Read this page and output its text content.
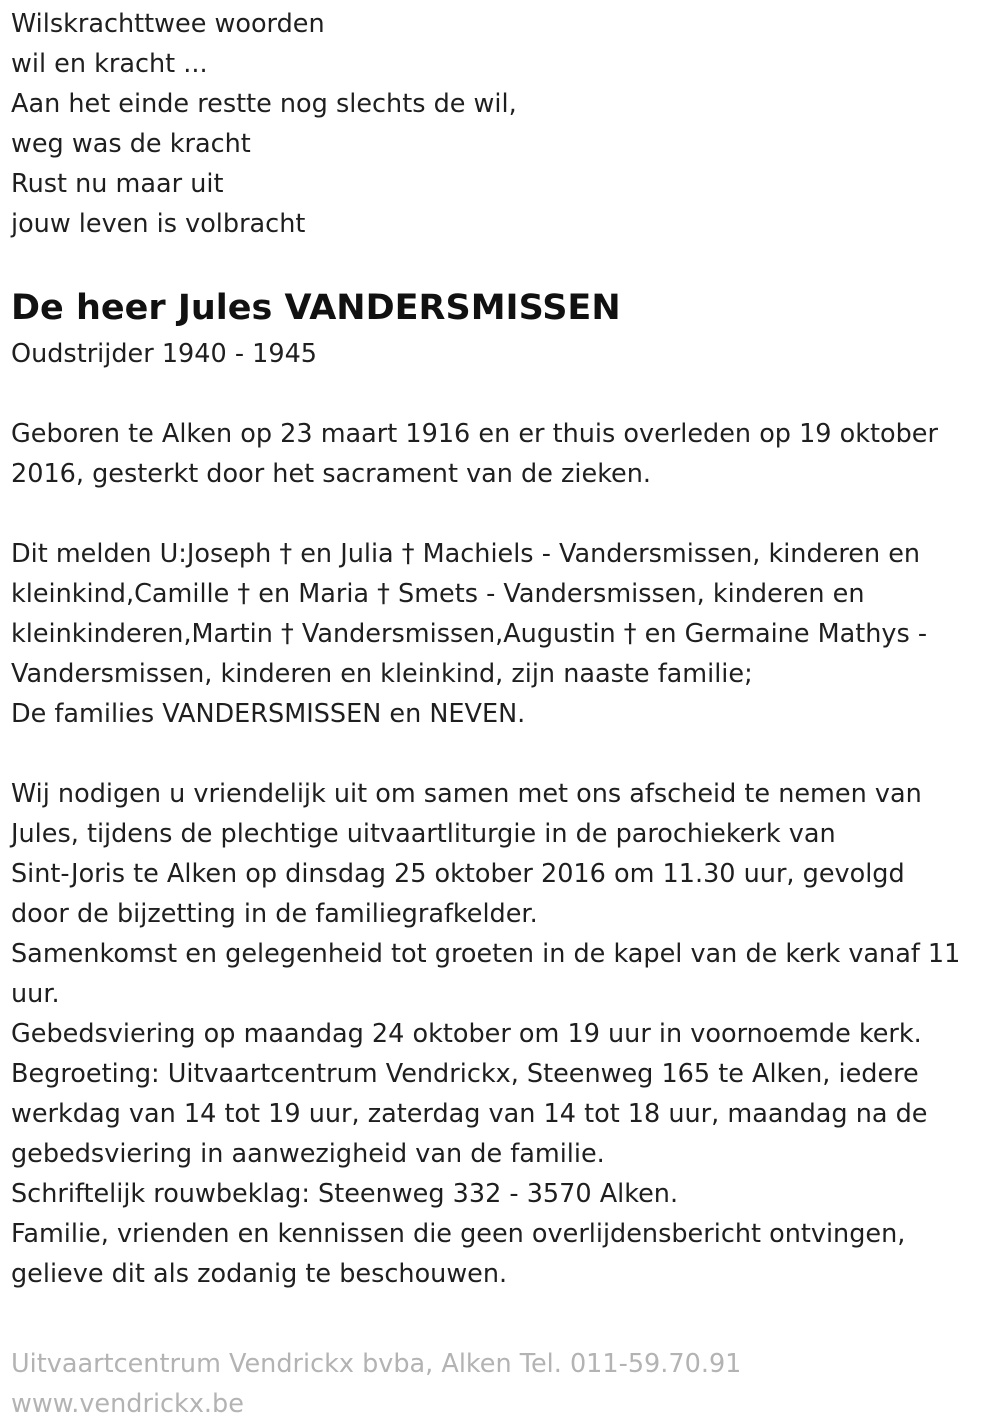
Wilskrachttwee woorden
wil en kracht ...
Aan het einde restte nog slechts de wil,
weg was de kracht
Rust nu maar uit
jouw leven is volbracht
De heer Jules VANDERSMISSEN
Oudstrijder 1940 - 1945
Geboren te Alken op 23 maart 1916 en er thuis overleden op 19 oktober
2016, gesterkt door het sacrament van de zieken.
Dit melden U:Joseph † en Julia † Machiels - Vandersmissen, kinderen en
kleinkind,Camille † en Maria † Smets - Vandersmissen, kinderen en
kleinkinderen,Martin † Vandersmissen,Augustin † en Germaine Mathys -
Vandersmissen, kinderen en kleinkind, zijn naaste familie;
De families VANDERSMISSEN en NEVEN.
Wij nodigen u vriendelijk uit om samen met ons afscheid te nemen van
Jules, tijdens de plechtige uitvaartliturgie in de parochiekerk van
Sint-Joris te Alken op dinsdag 25 oktober 2016 om 11.30 uur, gevolgd
door de bijzetting in de familiegrafkelder.
Samenkomst en gelegenheid tot groeten in de kapel van de kerk vanaf 11
uur.
Gebedsviering op maandag 24 oktober om 19 uur in voornoemde kerk.
Begroeting: Uitvaartcentrum Vendrickx, Steenweg 165 te Alken, iedere
werkdag van 14 tot 19 uur, zaterdag van 14 tot 18 uur, maandag na de
gebedsviering in aanwezigheid van de familie.
Schriftelijk rouwbeklag: Steenweg 332 - 3570 Alken.
Familie, vrienden en kennissen die geen overlijdensbericht ontvingen,
gelieve dit als zodanig te beschouwen.
Uitvaartcentrum Vendrickx bvba, Alken Tel. 011-59.70.91
www.vendrickx.be
